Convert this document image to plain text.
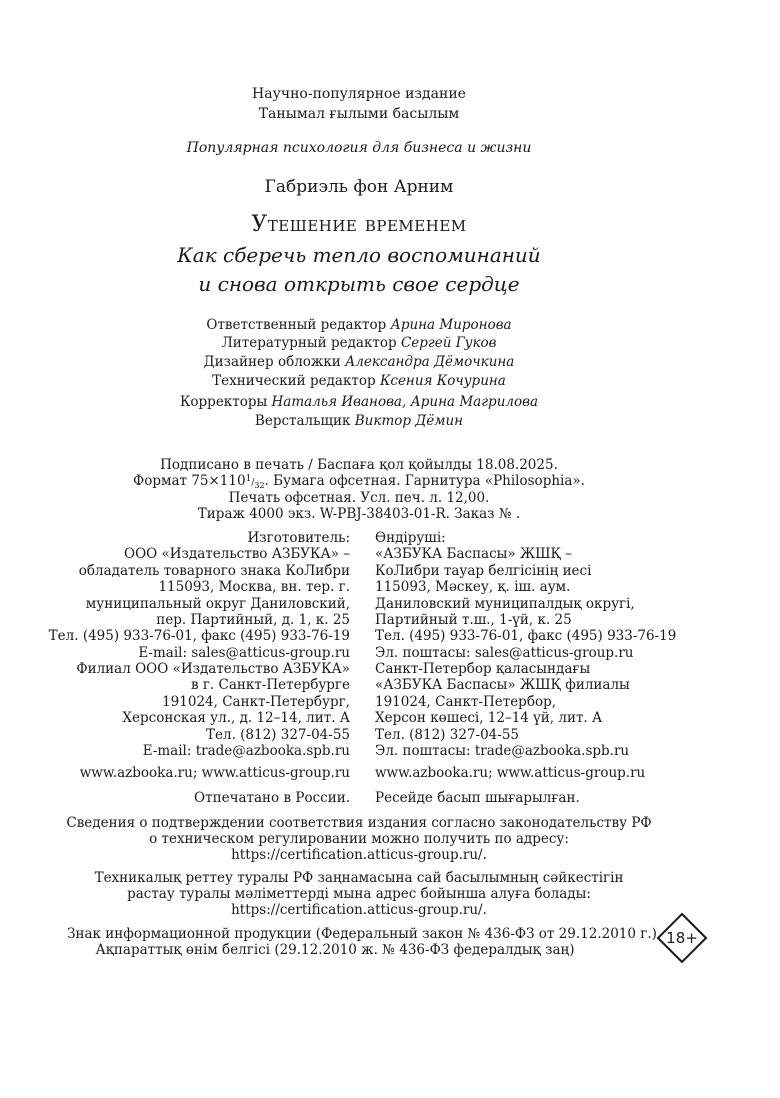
Научно-популярное издание
Танымал ғылыми басылым
Популярная психология для бизнеса и жизни
Габриэль фон Арним
Утешение временем
Как сберечь тепло воспоминаний
и снова открыть свое сердце
Ответственный редактор Арина Миронова
Литературный редактор Сергей Гуков
Дизайнер обложки Александра Дёмочкина
Технический редактор Ксения Кочурина
Корректоры Наталья Иванова, Арина Магрилова
Верстальщик Виктор Дёмин
Подписано в печать / Баспаға қол қойылды 18.08.2025.
Формат $75\times 110^1/_{32}$. Бумага офсетная. Гарнитура «Philosophia».
Печать офсетная. Усл. печ. л. 12,00.
Тираж 4000 экз. W-PBJ-38403-01-R. Заказ № .
Изготовитель:
ООО «Издательство АЗБУКА» –
обладатель товарного знака КоЛибри
115093, Москва, вн. тер. г.
муниципальный округ Даниловский,
пер. Партийный, д. 1, к. 25
Тел. (495) 933-76-01, факс (495) 933-76-19
E-mail: sales@atticus-group.ru
Өндіруші:
«АЗБУКА Баспасы» ЖШҚ –
КоЛибри тауар белгісінің иесі
115093, Мәскеу, қ. іш. аум.
Даниловский муниципалдық округі,
Партийный т.ш., 1-үй, к. 25
Тел. (495) 933-76-01, факс (495) 933-76-19
Эл. поштасы: sales@atticus-group.ru
Филиал ООО «Издательство АЗБУКА»
в г. Санкт-Петербурге
191024, Санкт-Петербург,
Херсонская ул., д. 12–14, лит. А
Тел. (812) 327-04-55
E-mail: trade@azbooka.spb.ru
Санкт-Петербор қаласындағы
«АЗБУКА Баспасы» ЖШҚ филиалы
191024, Санкт-Петербор,
Херсон көшесі, 12–14 үй, лит. А
Тел. (812) 327-04-55
Эл. поштасы: trade@azbooka.spb.ru
www.azbooka.ru; www.atticus-group.ru www.azbooka.ru; www.atticus-group.ru
Отпечатано в России. Ресейде басып шығарылған.
Сведения о подтверждении соответствия издания согласно законодательству РФ
о техническом регулировании можно получить по адресу:
https://certification.atticus-group.ru/.
Техникалық реттеу туралы РФ заңнамасына сай басылымның сәйкестігін
растау туралы мәліметтерді мына адрес бойынша алуға болады:
https://certification.atticus-group.ru/.
Знак информационной продукции (Федеральный закон № 436-ФЗ от 29.12.2010 г.)
Ақпараттық өнім белгісі (29.12.2010 ж. № 436-ФЗ федералдық заң)
18+
